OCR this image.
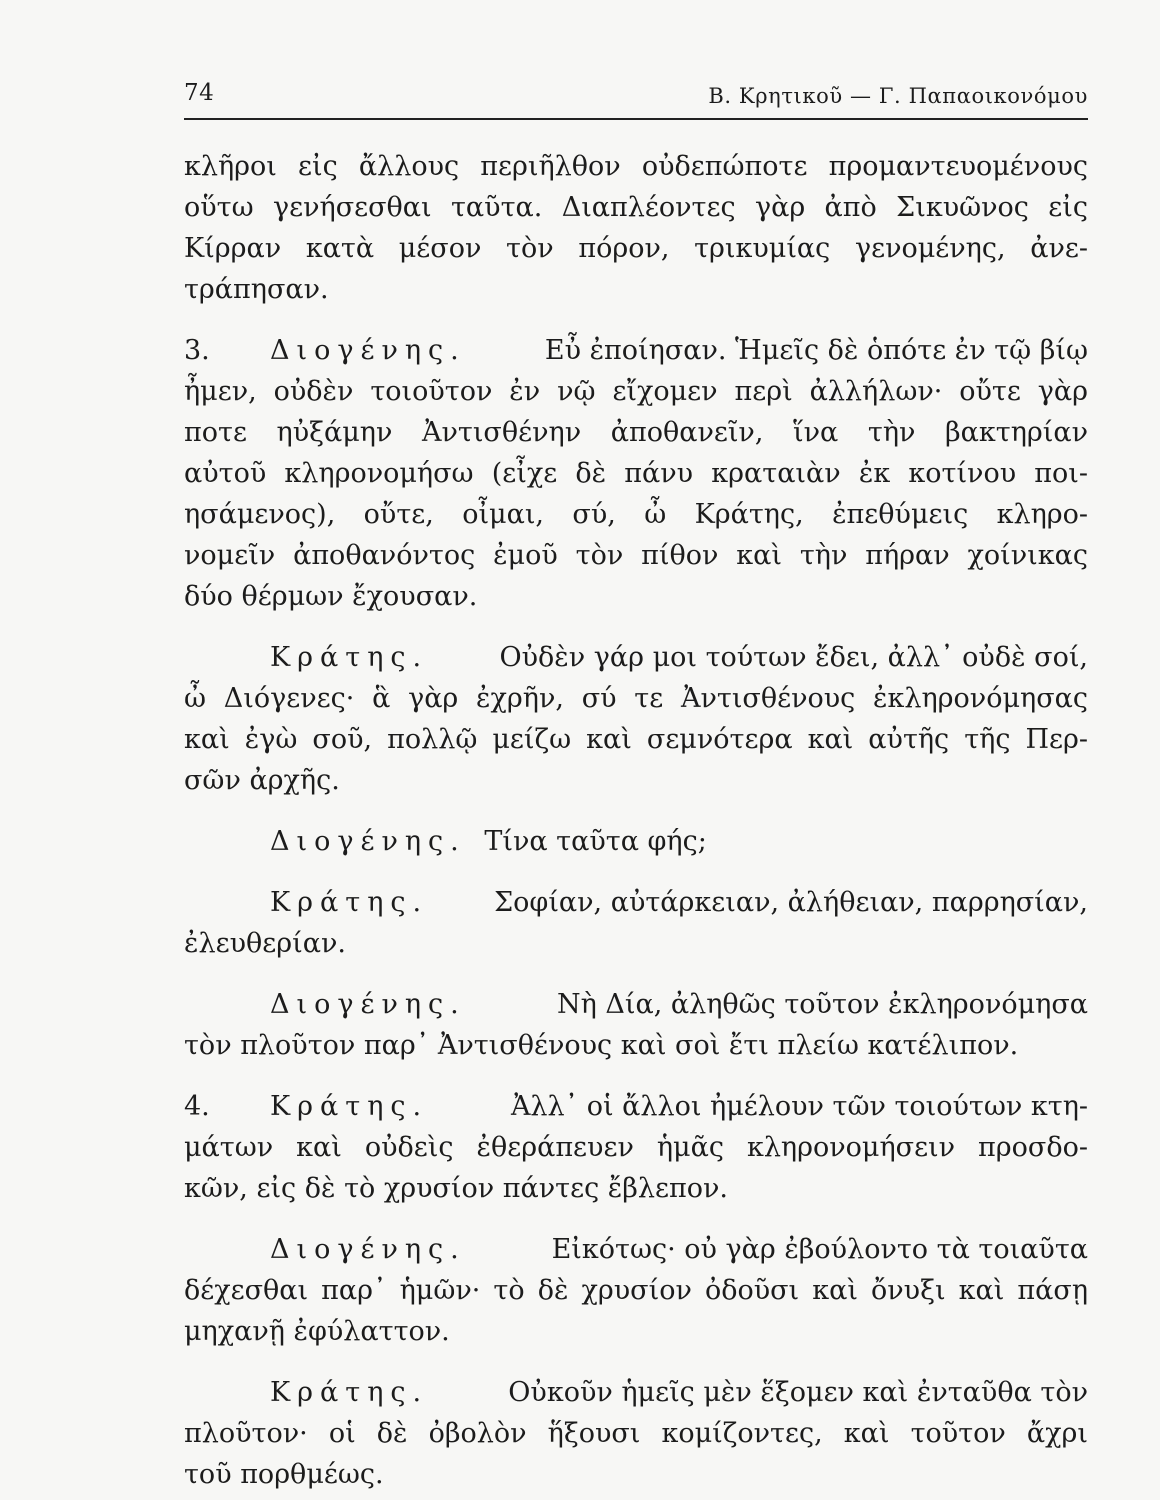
74	Β. Κρητικοῦ — Γ. Παπαοικονόμου
κλῆροι εἰς ἄλλους περιῆλθον οὐδεπώποτε προμαντευομένους
οὕτω γενήσεσθαι ταῦτα. Διαπλέοντες γὰρ ἀπὸ Σικυῶνος εἰς
Κίρραν κατὰ μέσον τὸν πόρον, τρικυμίας γενομένης, ἀνε-
τράπησαν.
3. Διογένης.	Εὖ ἐποίησαν. Ἡμεῖς δὲ ὁπότε ἐν τῷ βίῳ
ἦμεν, οὐδὲν τοιοῦτον ἐν νῷ εἴχομεν περὶ ἀλλήλων· οὔτε γὰρ
ποτε ηὐξάμην Ἀντισθένην ἀποθανεῖν, ἵνα τὴν βακτηρίαν
αὐτοῦ κληρονομήσω (εἶχε δὲ πάνυ κραταιὰν ἐκ κοτίνου ποι-
ησάμενος), οὔτε, οἶμαι, σύ, ὦ Κράτης, ἐπεθύμεις κληρο-
νομεῖν ἀποθανόντος ἐμοῦ τὸν πίθον καὶ τὴν πήραν χοίνικας
δύο θέρμων ἔχουσαν.
Κράτης.	Οὐδὲν γάρ μοι τούτων ἔδει, ἀλλ᾽ οὐδὲ σοί,
ὦ Διόγενες· ἃ γὰρ ἐχρῆν, σύ τε Ἀντισθένους ἐκληρονόμησας
καὶ ἐγὼ σοῦ, πολλῷ μείζω καὶ σεμνότερα καὶ αὐτῆς τῆς Περ-
σῶν ἀρχῆς.
Διογένης. Τίνα ταῦτα φής;
Κράτης. Σοφίαν, αὐτάρκειαν, ἀλήθειαν, παρρησίαν,
ἐλευθερίαν.
Διογένης.	Νὴ Δία, ἀληθῶς τοῦτον ἐκληρονόμησα
τὸν πλοῦτον παρ᾽ Ἀντισθένους καὶ σοὶ ἔτι πλείω κατέλιπον.
4. Κράτης.	Ἀλλ᾽ οἱ ἄλλοι ἠμέλουν τῶν τοιούτων κτη-
μάτων καὶ οὐδεὶς ἐθεράπευεν ἡμᾶς κληρονομήσειν προσδο-
κῶν, εἰς δὲ τὸ χρυσίον πάντες ἔβλεπον.
Διογένης.	Εἰκότως· οὐ γὰρ ἐβούλοντο τὰ τοιαῦτα
δέχεσθαι παρ᾽ ἡμῶν· τὸ δὲ χρυσίον ὀδοῦσι καὶ ὄνυξι καὶ πάσῃ
μηχανῇ ἐφύλαττον.
Κράτης.	Οὐκοῦν ἡμεῖς μὲν ἕξομεν καὶ ἐνταῦθα τὸν
πλοῦτον· οἱ δὲ ὀβολὸν ἥξουσι κομίζοντες, καὶ τοῦτον ἄχρι
τοῦ πορθμέως.
